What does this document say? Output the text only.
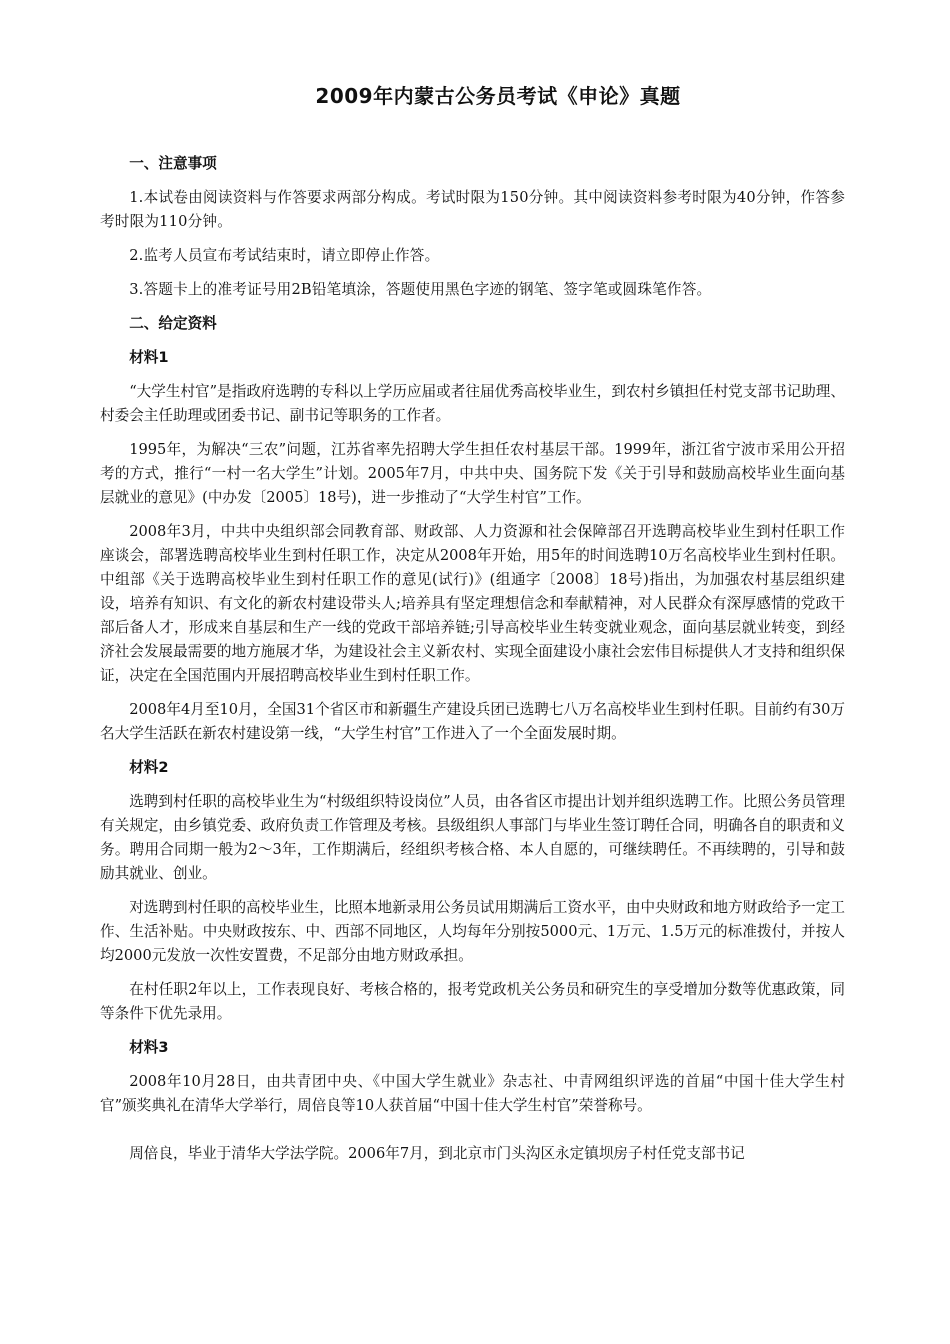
2009年内蒙古公务员考试《申论》真题
一、注意事项

1.本试卷由阅读资料与作答要求两部分构成。考试时限为150分钟。其中阅读资料参考时限为40分钟，作答参考时限为110分钟。

2.监考人员宣布考试结束时，请立即停止作答。

3.答题卡上的准考证号用2B铅笔填涂，答题使用黑色字迹的钢笔、签字笔或圆珠笔作答。

二、给定资料
材料1

“大学生村官”是指政府选聘的专科以上学历应届或者往届优秀高校毕业生，到农村乡镇担任村党支部书记助理、村委会主任助理或团委书记、副书记等职务的工作者。

1995年，为解决“三农”问题，江苏省率先招聘大学生担任农村基层干部。1999年，浙江省宁波市采用公开招考的方式，推行“一村一名大学生”计划。2005年7月，中共中央、国务院下发《关于引导和鼓励高校毕业生面向基层就业的意见》(中办发〔2005〕18号)，进一步推动了“大学生村官”工作。

2008年3月，中共中央组织部会同教育部、财政部、人力资源和社会保障部召开选聘高校毕业生到村任职工作座谈会，部署选聘高校毕业生到村任职工作，决定从2008年开始，用5年的时间选聘10万名高校毕业生到村任职。中组部《关于选聘高校毕业生到村任职工作的意见(试行)》(组通字〔2008〕18号)指出，为加强农村基层组织建设，培养有知识、有文化的新农村建设带头人;培养具有坚定理想信念和奉献精神，对人民群众有深厚感情的党政干部后备人才，形成来自基层和生产一线的党政干部培养链;引导高校毕业生转变就业观念，面向基层就业转变，到经济社会发展最需要的地方施展才华，为建设社会主义新农村、实现全面建设小康社会宏伟目标提供人才支持和组织保证，决定在全国范围内开展招聘高校毕业生到村任职工作。

2008年4月至10月，全国31个省区市和新疆生产建设兵团已选聘七八万名高校毕业生到村任职。目前约有30万名大学生活跃在新农村建设第一线，“大学生村官”工作进入了一个全面发展时期。

材料2

选聘到村任职的高校毕业生为“村级组织特设岗位”人员，由各省区市提出计划并组织选聘工作。比照公务员管理有关规定，由乡镇党委、政府负责工作管理及考核。县级组织人事部门与毕业生签订聘任合同，明确各自的职责和义务。聘用合同期一般为2～3年，工作期满后，经组织考核合格、本人自愿的，可继续聘任。不再续聘的，引导和鼓励其就业、创业。

对选聘到村任职的高校毕业生，比照本地新录用公务员试用期满后工资水平，由中央财政和地方财政给予一定工作、生活补贴。中央财政按东、中、西部不同地区，人均每年分别按5000元、1万元、1.5万元的标准拨付，并按人均2000元发放一次性安置费，不足部分由地方财政承担。

在村任职2年以上，工作表现良好、考核合格的，报考党政机关公务员和研究生的享受增加分数等优惠政策，同等条件下优先录用。

材料3

2008年10月28日，由共青团中央、《中国大学生就业》杂志社、中青网组织评选的首届“中国十佳大学生村官”颁奖典礼在清华大学举行，周倍良等10人获首届“中国十佳大学生村官”荣誉称号。

周倍良，毕业于清华大学法学院。2006年7月，到北京市门头沟区永定镇坝房子村任党支部书记
